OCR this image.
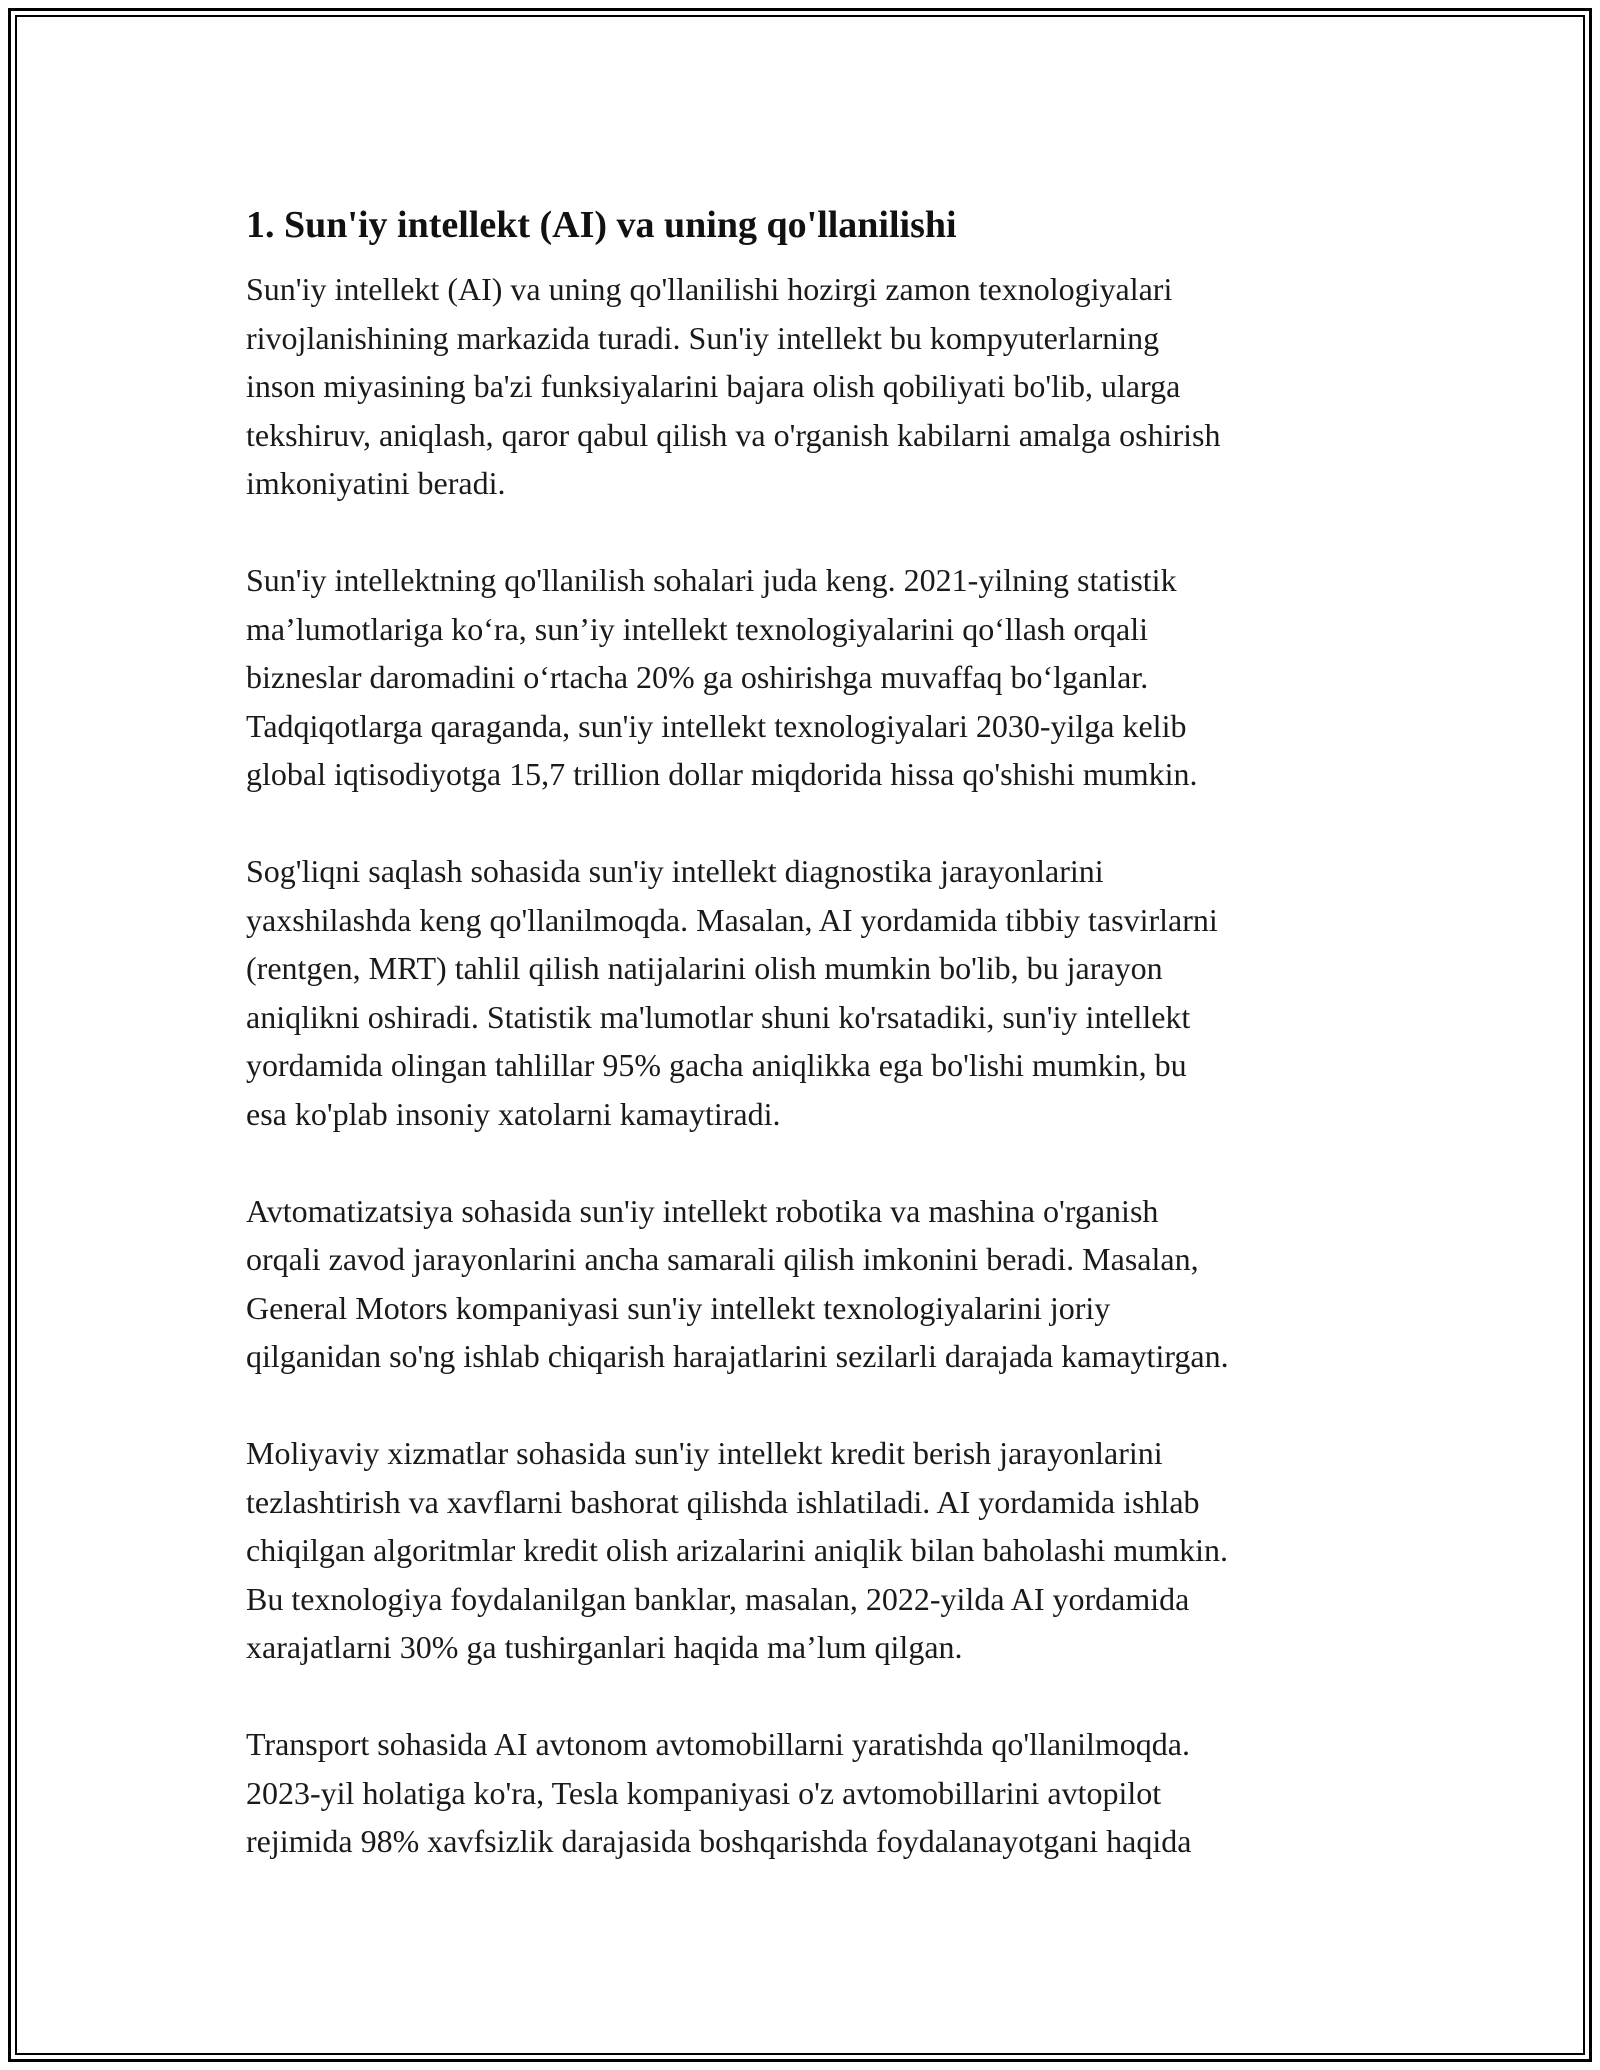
1. Sun'iy intellekt (AI) va uning qo'llanilishi

Sun'iy intellekt (AI) va uning qo'llanilishi hozirgi zamon texnologiyalari
rivojlanishining markazida turadi. Sun'iy intellekt bu kompyuterlarning
inson miyasining ba'zi funksiyalarini bajara olish qobiliyati bo'lib, ularga
tekshiruv, aniqlash, qaror qabul qilish va o'rganish kabilarni amalga oshirish
imkoniyatini beradi.

Sun'iy intellektning qo'llanilish sohalari juda keng. 2021-yilning statistik
ma’lumotlariga ko‘ra, sun’iy intellekt texnologiyalarini qo‘llash orqali
bizneslar daromadini o‘rtacha 20% ga oshirishga muvaffaq bo‘lganlar.
Tadqiqotlarga qaraganda, sun'iy intellekt texnologiyalari 2030-yilga kelib
global iqtisodiyotga 15,7 trillion dollar miqdorida hissa qo'shishi mumkin.

Sog'liqni saqlash sohasida sun'iy intellekt diagnostika jarayonlarini
yaxshilashda keng qo'llanilmoqda. Masalan, AI yordamida tibbiy tasvirlarni
(rentgen, MRT) tahlil qilish natijalarini olish mumkin bo'lib, bu jarayon
aniqlikni oshiradi. Statistik ma'lumotlar shuni ko'rsatadiki, sun'iy intellekt
yordamida olingan tahlillar 95% gacha aniqlikka ega bo'lishi mumkin, bu
esa ko'plab insoniy xatolarni kamaytiradi.

Avtomatizatsiya sohasida sun'iy intellekt robotika va mashina o'rganish
orqali zavod jarayonlarini ancha samarali qilish imkonini beradi. Masalan,
General Motors kompaniyasi sun'iy intellekt texnologiyalarini joriy
qilganidan so'ng ishlab chiqarish harajatlarini sezilarli darajada kamaytirgan.

Moliyaviy xizmatlar sohasida sun'iy intellekt kredit berish jarayonlarini
tezlashtirish va xavflarni bashorat qilishda ishlatiladi. AI yordamida ishlab
chiqilgan algoritmlar kredit olish arizalarini aniqlik bilan baholashi mumkin.
Bu texnologiya foydalanilgan banklar, masalan, 2022-yilda AI yordamida
xarajatlarni 30% ga tushirganlari haqida ma’lum qilgan.

Transport sohasida AI avtonom avtomobillarni yaratishda qo'llanilmoqda.
2023-yil holatiga ko'ra, Tesla kompaniyasi o'z avtomobillarini avtopilot
rejimida 98% xavfsizlik darajasida boshqarishda foydalanayotgani haqida
